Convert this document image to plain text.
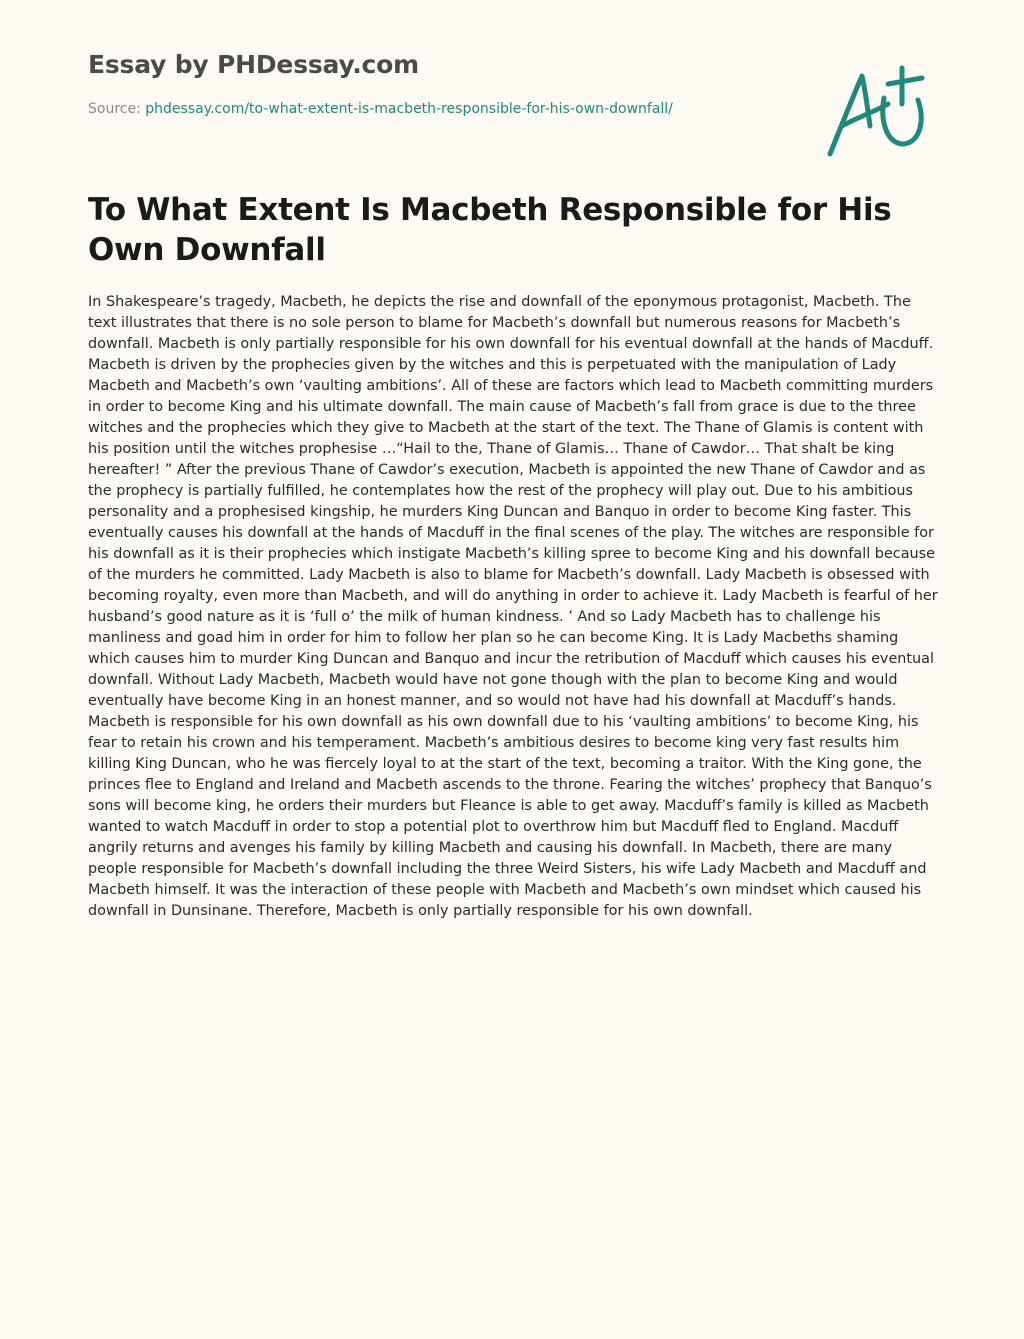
Essay by PHDessay.com
Source: phdessay.com/to-what-extent-is-macbeth-responsible-for-his-own-downfall/
To What Extent Is Macbeth Responsible for His Own Downfall

In Shakespeare’s tragedy, Macbeth, he depicts the rise and downfall of the eponymous protagonist, Macbeth. The text illustrates that there is no sole person to blame for Macbeth’s downfall but numerous reasons for Macbeth’s downfall. Macbeth is only partially responsible for his own downfall for his eventual downfall at the hands of Macduff. Macbeth is driven by the prophecies given by the witches and this is perpetuated with the manipulation of Lady Macbeth and Macbeth’s own ‘vaulting ambitions’. All of these are factors which lead to Macbeth committing murders in order to become King and his ultimate downfall. The main cause of Macbeth’s fall from grace is due to the three witches and the prophecies which they give to Macbeth at the start of the text. The Thane of Glamis is content with his position until the witches prophesise …“Hail to the, Thane of Glamis… Thane of Cawdor… That shalt be king hereafter! ” After the previous Thane of Cawdor’s execution, Macbeth is appointed the new Thane of Cawdor and as the prophecy is partially fulfilled, he contemplates how the rest of the prophecy will play out. Due to his ambitious personality and a prophesised kingship, he murders King Duncan and Banquo in order to become King faster. This eventually causes his downfall at the hands of Macduff in the final scenes of the play. The witches are responsible for his downfall as it is their prophecies which instigate Macbeth’s killing spree to become King and his downfall because of the murders he committed. Lady Macbeth is also to blame for Macbeth’s downfall. Lady Macbeth is obsessed with becoming royalty, even more than Macbeth, and will do anything in order to achieve it. Lady Macbeth is fearful of her husband’s good nature as it is ‘full o’ the milk of human kindness. ’ And so Lady Macbeth has to challenge his manliness and goad him in order for him to follow her plan so he can become King. It is Lady Macbeths shaming which causes him to murder King Duncan and Banquo and incur the retribution of Macduff which causes his eventual downfall. Without Lady Macbeth, Macbeth would have not gone though with the plan to become King and would eventually have become King in an honest manner, and so would not have had his downfall at Macduff’s hands. Macbeth is responsible for his own downfall as his own downfall due to his ‘vaulting ambitions’ to become King, his fear to retain his crown and his temperament. Macbeth’s ambitious desires to become king very fast results him killing King Duncan, who he was fiercely loyal to at the start of the text, becoming a traitor. With the King gone, the princes flee to England and Ireland and Macbeth ascends to the throne. Fearing the witches’ prophecy that Banquo’s sons will become king, he orders their murders but Fleance is able to get away. Macduff’s family is killed as Macbeth wanted to watch Macduff in order to stop a potential plot to overthrow him but Macduff fled to England. Macduff angrily returns and avenges his family by killing Macbeth and causing his downfall. In Macbeth, there are many people responsible for Macbeth’s downfall including the three Weird Sisters, his wife Lady Macbeth and Macduff and Macbeth himself. It was the interaction of these people with Macbeth and Macbeth’s own mindset which caused his downfall in Dunsinane. Therefore, Macbeth is only partially responsible for his own downfall.
